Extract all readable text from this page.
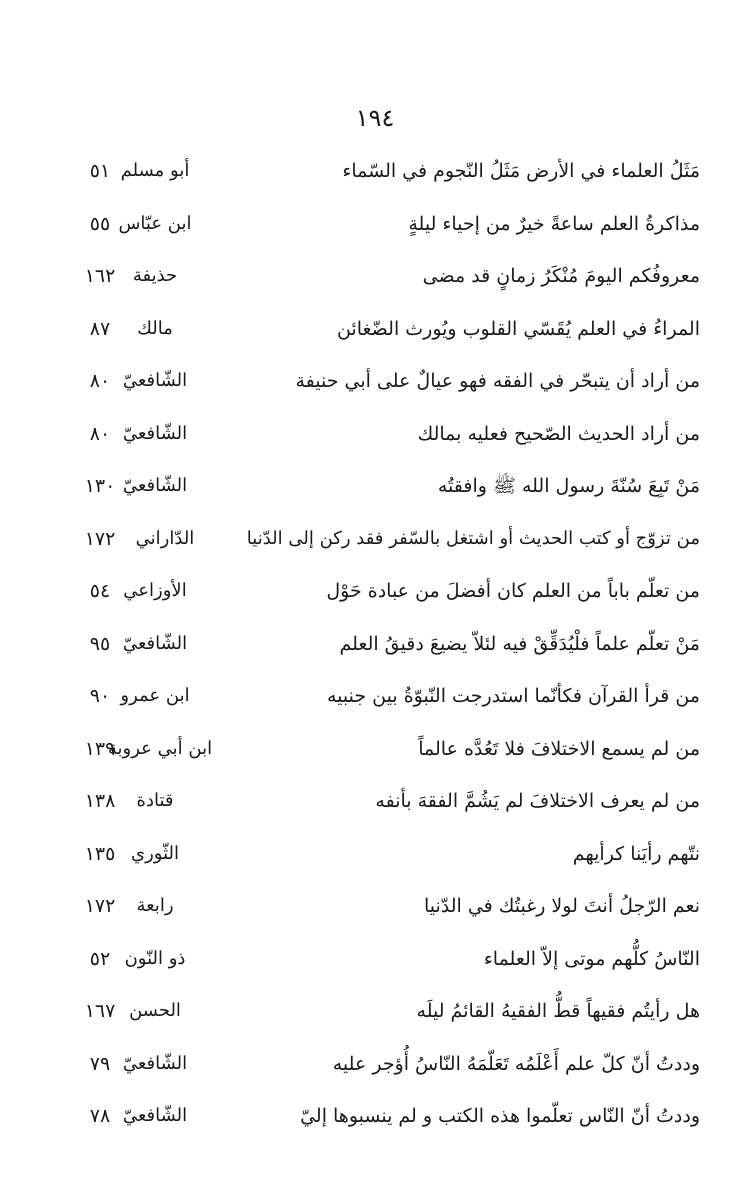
١٩٤
مَثَلُ العلماء في الأرض مَثَلُ النّجوم في السّماء
أبو مسلم
٥١
مذاكرةُ العلم ساعةً خيرٌ من إحياء ليلةٍ
ابن عبّاس
٥٥
معروفُكم اليومَ مُنْكَرُ زمانٍ قد مضى
حذيفة
١٦٢
المراءُ في العلم يُقَسّي القلوب ويُورث الضّغائن
مالك
٨٧
من أراد أن يتبحّر في الفقه فهو عيالٌ على أبي حنيفة
الشّافعيّ
٨٠
من أراد الحديث الصّحيح فعليه بمالك
الشّافعيّ
٨٠
مَنْ تَبِعَ سُنّةَ رسول الله ﷺ وافقتُه
الشّافعيّ
١٣٠
من تزوّج أو كتب الحديث أو اشتغل بالسّفر فقد ركن إلى الدّنيا
الدّاراني
١٧٢
من تعلّم باباً من العلم كان أفضلَ من عبادة حَوْل
الأوزاعي
٥٤
مَنْ تعلّم علماً فلْيُدَقِّقْ فيه لئلاّ يضيعَ دقيقُ العلم
الشّافعيّ
٩٥
من قرأ القرآن فكأنّما استدرجت النّبوّةُ بين جنبيه
ابن عمرو
٩٠
من لم يسمع الاختلافَ فلا تَعُدَّه عالماً
ابن أبي عروبة
١٣٩
من لم يعرف الاختلافَ لم يَشُمَّ الفقهَ بأنفه
قتادة
١٣٨
نتّهم رأيَنا كرأيهم
الثّوري
١٣٥
نعم الرّجلُ أنتَ لولا رغبتُك في الدّنيا
رابعة
١٧٢
النّاسُ كلُّهم موتى إلاّ العلماء
ذو النّون
٥٢
هل رأيتُم فقيهاً قطُّ الفقيهُ القائمُ ليلَه
الحسن
١٦٧
وددتُ أنّ كلّ علم أَعْلَمُه تَعَلّمَهُ النّاسُ أُؤجر عليه
الشّافعيّ
٧٩
وددتُ أنّ النّاس تعلّموا هذه الكتب و لم ينسبوها إليّ
الشّافعيّ
٧٨
